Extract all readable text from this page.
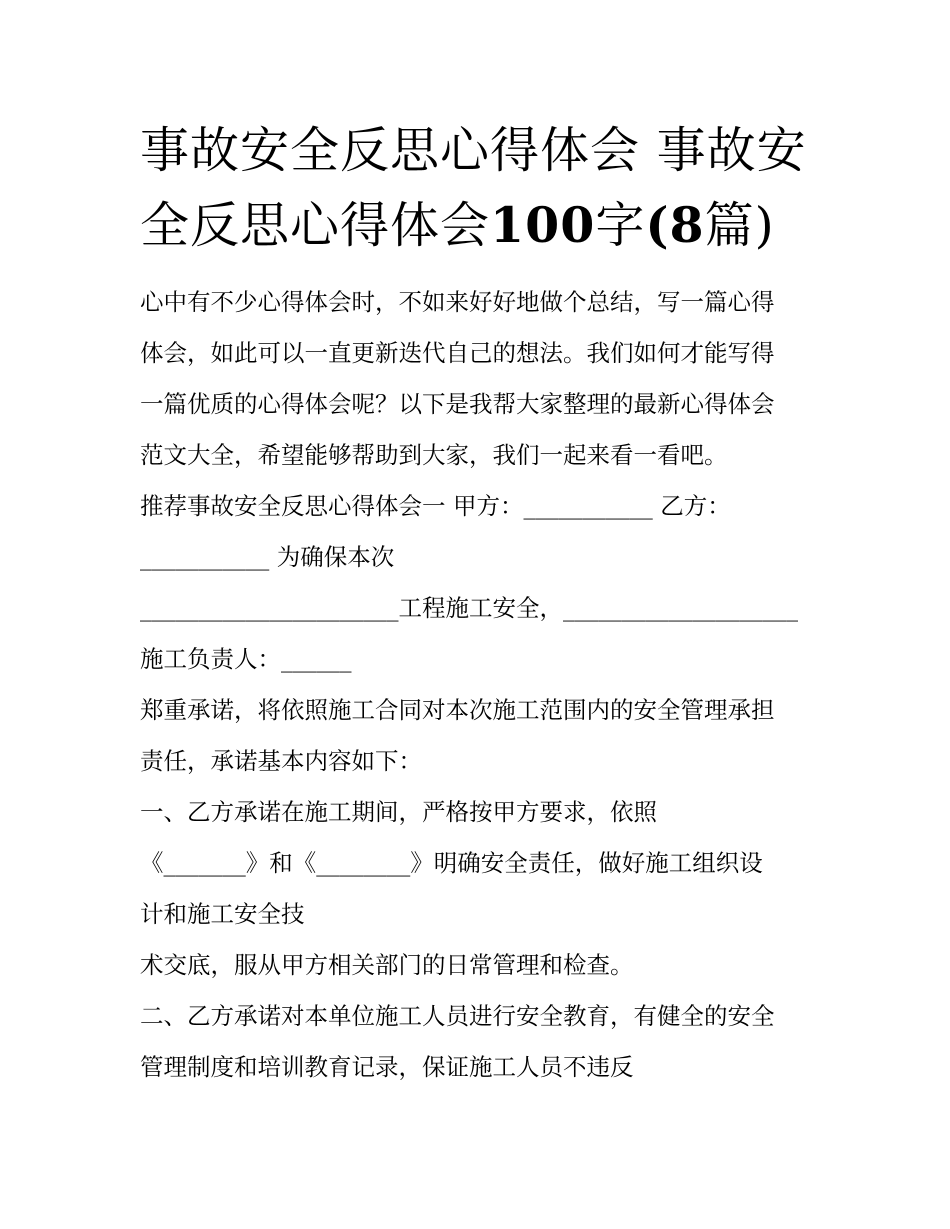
事故安全反思心得体会 事故安
全反思心得体会100字(8篇)
心中有不少心得体会时，不如来好好地做个总结，写一篇心得
体会，如此可以一直更新迭代自己的想法。我们如何才能写得
一篇优质的心得体会呢？以下是我帮大家整理的最新心得体会
范文大全，希望能够帮助到大家，我们一起来看一看吧。
推荐事故安全反思心得体会一 甲方：___________ 乙方：
___________ 为确保本次
______________________工程施工安全，____________________
施工负责人：______
郑重承诺，将依照施工合同对本次施工范围内的安全管理承担
责任，承诺基本内容如下：
一、乙方承诺在施工期间，严格按甲方要求，依照
《_______》和《________》明确安全责任，做好施工组织设
计和施工安全技
术交底，服从甲方相关部门的日常管理和检查。
二、乙方承诺对本单位施工人员进行安全教育，有健全的安全
管理制度和培训教育记录，保证施工人员不违反
